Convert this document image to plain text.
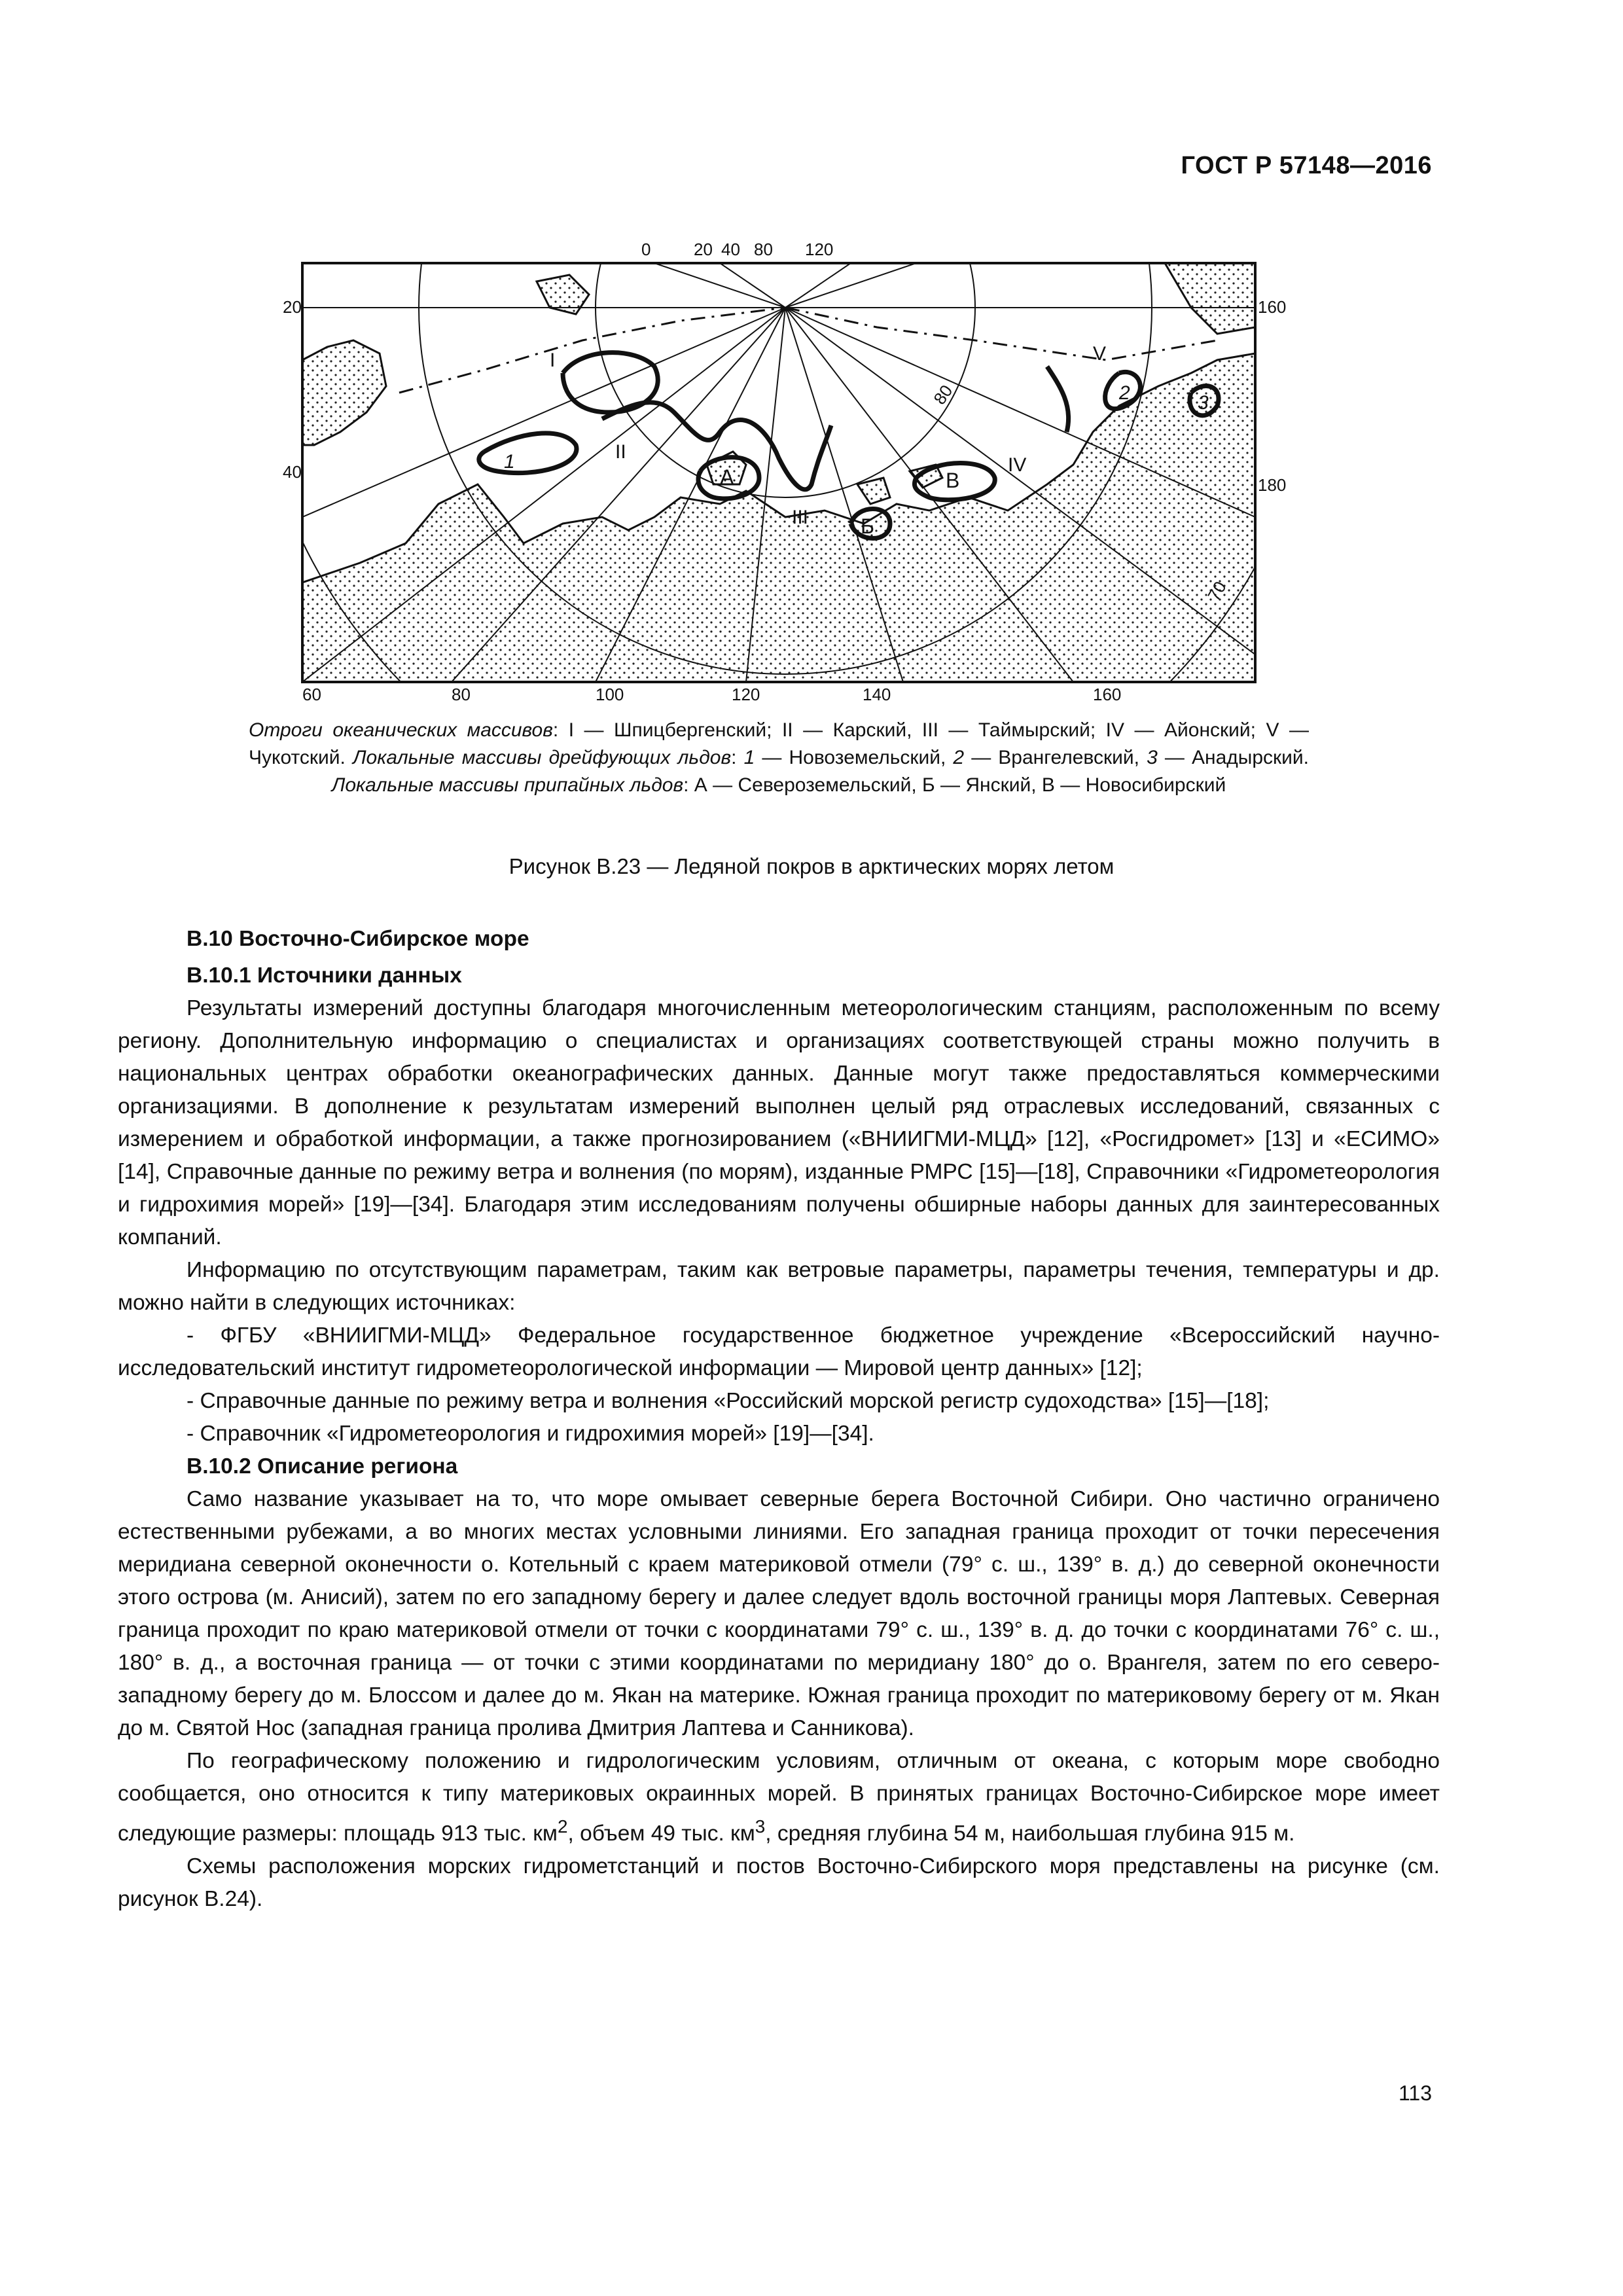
ГОСТ Р 57148—2016
0	20 40 80 120
60	80	100	120	140	160
20
40
160
180
80
70
I
II
III
IV
V
1
2	3
А
Б
В
Отроги океанических массивов: I — Шпицбергенский; II — Карский, III — Таймырский; IV — Айонский; V — Чукотский. Локальные массивы дрейфующих льдов: 1 — Новоземельский, 2 — Врангелевский, 3 — Анадырский. Локальные массивы припайных льдов: А — Североземельский, Б — Янский, В — Новосибирский
Рисунок В.23 — Ледяной покров в арктических морях летом

В.10 Восточно-Сибирское море

В.10.1 Источники данных

Результаты измерений доступны благодаря многочисленным метеорологическим станциям, расположенным по всему региону. Дополнительную информацию о специалистах и организациях соответствующей страны можно получить в национальных центрах обработки океанографических данных. Данные могут также предоставляться коммерческими организациями. В дополнение к результатам измерений выполнен целый ряд отраслевых исследований, связанных с измерением и обработкой информации, а также прогнозированием («ВНИИГМИ-МЦД» [12], «Росгидромет» [13] и «ЕСИМО» [14], Справочные данные по режиму ветра и волнения (по морям), изданные РМРС [15]—[18], Справочники «Гидрометеорология и гидрохимия морей» [19]—[34]. Благодаря этим исследованиям получены обширные наборы данных для заинтересованных компаний.

Информацию по отсутствующим параметрам, таким как ветровые параметры, параметры течения, температуры и др. можно найти в следующих источниках:

- ФГБУ «ВНИИГМИ-МЦД» Федеральное государственное бюджетное учреждение «Всероссийский научно-исследовательский институт гидрометеорологической информации — Мировой центр данных» [12];

- Справочные данные по режиму ветра и волнения «Российский морской регистр судоходства» [15]—[18];

- Справочник «Гидрометеорология и гидрохимия морей» [19]—[34].

В.10.2 Описание региона

Само название указывает на то, что море омывает северные берега Восточной Сибири. Оно частично ограничено естественными рубежами, а во многих местах условными линиями. Его западная граница проходит от точки пересечения меридиана северной оконечности о. Котельный с краем материковой отмели (79° с. ш., 139° в. д.) до северной оконечности этого острова (м. Анисий), затем по его западному берегу и далее следует вдоль восточной границы моря Лаптевых. Северная граница проходит по краю материковой отмели от точки с координатами 79° с. ш., 139° в. д. до точки с координатами 76° с. ш., 180° в. д., а восточная граница — от точки с этими координатами по меридиану 180° до о. Врангеля, затем по его северо-западному берегу до м. Блоссом и далее до м. Якан на материке. Южная граница проходит по материковому берегу от м. Якан до м. Святой Нос (западная граница пролива Дмитрия Лаптева и Санникова).

По географическому положению и гидрологическим условиям, отличным от океана, с которым море свободно сообщается, оно относится к типу материковых окраинных морей. В принятых границах Восточно-Сибирское море имеет следующие размеры: площадь 913 тыс. $км^2$, объем 49 тыс. $км^3$, средняя глубина 54 м, наибольшая глубина 915 м.

Схемы расположения морских гидрометстанций и постов Восточно-Сибирского моря представлены на рисунке (см. рисунок В.24).

113
